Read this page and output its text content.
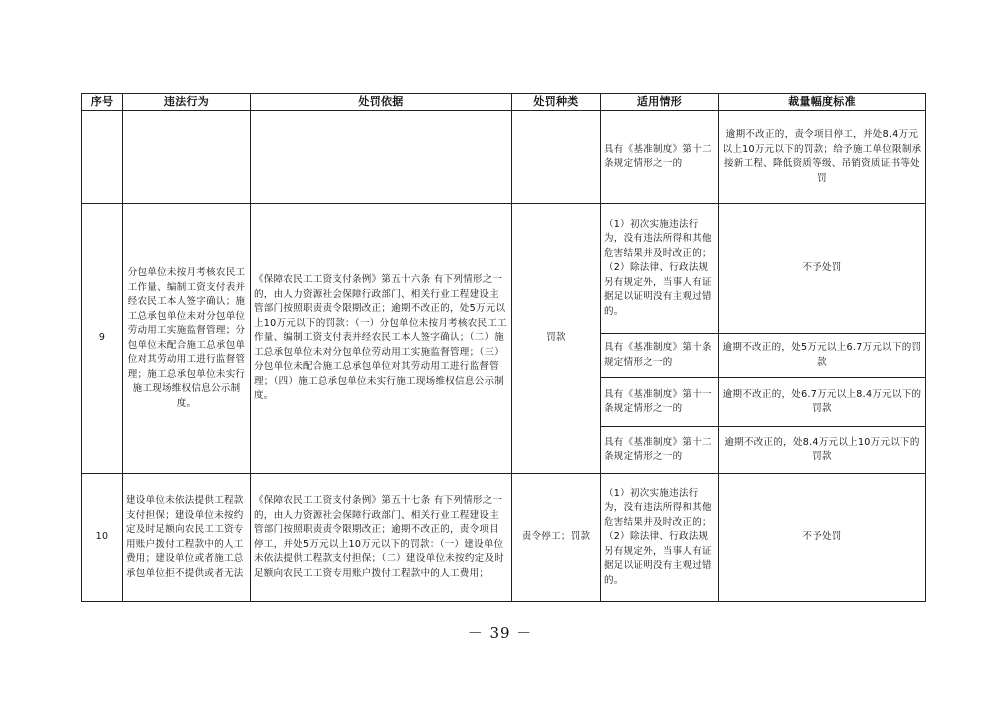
序号	违法行为	处罚依据	处罚种类	适用情形	裁量幅度标准
				具有《基准制度》第十二条规定情形之一的	逾期不改正的，责令项目停工，并处8.4万元以上10万元以下的罚款；给予施工单位限制承接新工程、降低资质等级、吊销资质证书等处罚
9	分包单位未按月考核农民工工作量、编制工资支付表并经农民工本人签字确认；施工总承包单位未对分包单位劳动用工实施监督管理；分包单位未配合施工总承包单位对其劳动用工进行监督管理；施工总承包单位未实行施工现场维权信息公示制度。	《保障农民工工资支付条例》第五十六条 有下列情形之一的，由人力资源社会保障行政部门、相关行业工程建设主管部门按照职责责令限期改正；逾期不改正的，处5万元以上10万元以下的罚款：（一）分包单位未按月考核农民工工作量、编制工资支付表并经农民工本人签字确认；（二）施工总承包单位未对分包单位劳动用工实施监督管理；（三）分包单位未配合施工总承包单位对其劳动用工进行监督管理；（四）施工总承包单位未实行施工现场维权信息公示制度。	罚款	（1）初次实施违法行为，没有违法所得和其他危害结果并及时改正的；（2）除法律、行政法规另有规定外，当事人有证据足以证明没有主观过错的。	不予处罚
				具有《基准制度》第十条规定情形之一的	逾期不改正的，处5万元以上6.7万元以下的罚款
				具有《基准制度》第十一条规定情形之一的	逾期不改正的，处6.7万元以上8.4万元以下的罚款
				具有《基准制度》第十二条规定情形之一的	逾期不改正的，处8.4万元以上10万元以下的罚款
10	建设单位未依法提供工程款支付担保；建设单位未按约定及时足额向农民工工资专用账户拨付工程款中的人工费用；建设单位或者施工总承包单位拒不提供或者无法	《保障农民工工资支付条例》第五十七条 有下列情形之一的，由人力资源社会保障行政部门、相关行业工程建设主管部门按照职责责令限期改正；逾期不改正的，责令项目停工，并处5万元以上10万元以下的罚款：（一）建设单位未依法提供工程款支付担保；（二）建设单位未按约定及时足额向农民工工资专用账户拨付工程款中的人工费用；	责令停工；罚款	（1）初次实施违法行为，没有违法所得和其他危害结果并及时改正的；（2）除法律、行政法规另有规定外，当事人有证据足以证明没有主观过错的。	不予处罚
－ 39 －
